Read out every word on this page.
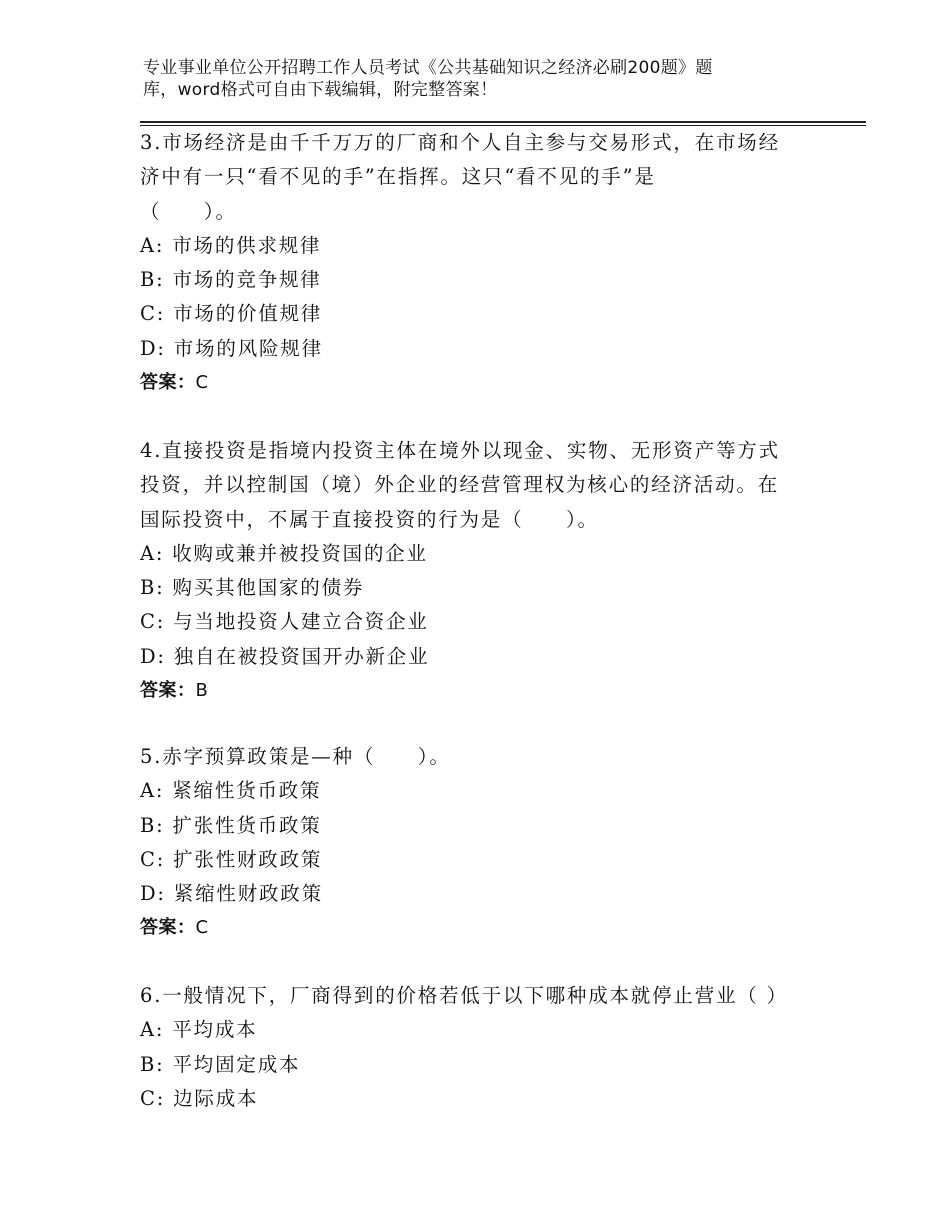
专业事业单位公开招聘工作人员考试《公共基础知识之经济必刷200题》题
库，word格式可自由下载编辑，附完整答案！
3.市场经济是由千千万万的厂商和个人自主参与交易形式，在市场经
济中有一只“看不见的手”在指挥。这只“看不见的手”是
（　　）。
A: 市场的供求规律
B: 市场的竞争规律
C: 市场的价值规律
D: 市场的风险规律
答案：C
4.直接投资是指境内投资主体在境外以现金、实物、无形资产等方式
投资，并以控制国（境）外企业的经营管理权为核心的经济活动。在
国际投资中，不属于直接投资的行为是（　　）。
A: 收购或兼并被投资国的企业
B: 购买其他国家的债券
C: 与当地投资人建立合资企业
D: 独自在被投资国开办新企业
答案：B
5.赤字预算政策是—种（　　）。
A: 紧缩性货币政策
B: 扩张性货币政策
C: 扩张性财政政策
D: 紧缩性财政政策
答案：C
6.一般情况下，厂商得到的价格若低于以下哪种成本就停止营业（ ）
A: 平均成本
B: 平均固定成本
C: 边际成本
